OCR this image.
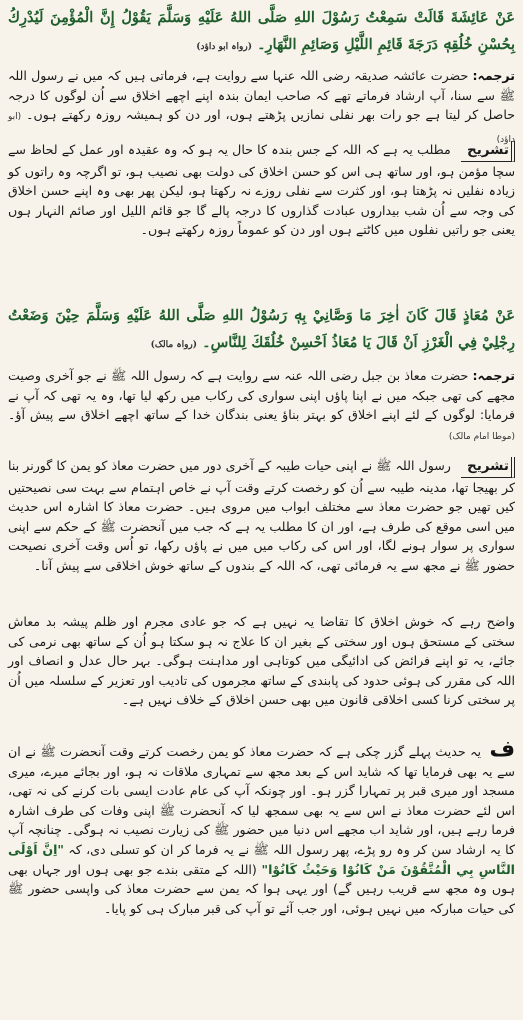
عَنْ عَائِشَةَ قَالَتْ سَمِعْتُ رَسُوْلَ اللهِ صَلَّى اللهُ عَلَيْهِ وَسَلَّمَ يَقُوْلُ إِنَّ الْمُؤْمِنَ لَيُدْرِكُ بِحُسْنِ خُلُقِهٖ دَرَجَةَ قَائِمِ اللَّيْلِ وَصَائِمِ النَّهَارِ۔ (رواہ ابو داؤد)
ترجمہ: حضرت عائشہ صدیقہ رضی اللہ عنہا سے روایت ہے، فرماتی ہیں کہ میں نے رسول اللہ ﷺ سے سنا، آپ ارشاد فرماتے تھے کہ صاحب ایمان بندہ اپنے اچھے اخلاق سے اُن لوگوں کا درجہ حاصل کر لیتا ہے جو رات بھر نفلی نمازیں پڑھتے ہوں، اور دن کو ہمیشہ روزہ رکھتے ہوں۔ (ابو داؤد)
تشریح مطلب یہ ہے کہ اللہ کے جس بندہ کا حال یہ ہو کہ وہ عقیدہ اور عمل کے لحاظ سے سچا مؤمن ہو، اور ساتھ ہی اس کو حسن اخلاق کی دولت بھی نصیب ہو، تو اگرچہ وہ راتوں کو زیادہ نفلیں نہ پڑھتا ہو، اور کثرت سے نفلی روزے نہ رکھتا ہو، لیکن پھر بھی وہ اپنے حسن اخلاق کی وجہ سے اُن شب بیداروں عبادت گذاروں کا درجہ پالے گا جو قائم اللیل اور صائم النہار ہوں یعنی جو راتیں نفلوں میں کاٹتے ہوں اور دن کو عموماً روزہ رکھتے ہوں۔
عَنْ مُعَاذٍ قَالَ كَانَ اٰخِرَ مَا وَصَّانِيْ بِهٖ رَسُوْلُ اللهِ صَلَّى اللهُ عَلَيْهِ وَسَلَّمَ حِيْنَ وَضَعْتُ رِجْلِيْ فِي الْغَرْزِ اَنْ قَالَ يَا مُعَاذُ اَحْسِنْ خُلُقَكَ لِلنَّاسِ۔ (رواہ مالک)
ترجمہ: حضرت معاذ بن جبل رضی اللہ عنہ سے روایت ہے کہ رسول اللہ ﷺ نے جو آخری وصیت مجھے کی تھی جبکہ میں نے اپنا پاؤں اپنی سواری کی رکاب میں رکھ لیا تھا، وہ یہ تھی کہ آپ نے فرمایا: لوگوں کے لئے اپنے اخلاق کو بہتر بناؤ یعنی بندگان خدا کے ساتھ اچھے اخلاق سے پیش آؤ۔ (موطا امام مالک)
تشریح رسول اللہ ﷺ نے اپنی حیات طیبہ کے آخری دور میں حضرت معاذ کو یمن کا گورنر بنا کر بھیجا تھا، مدینہ طیبہ سے اُن کو رخصت کرتے وقت آپ نے خاص اہتمام سے بہت سی نصیحتیں کیں تھیں جو حضرت معاذ سے مختلف ابواب میں مروی ہیں۔ حضرت معاذ کا اشارہ اس حدیث میں اسی موقع کی طرف ہے، اور ان کا مطلب یہ ہے کہ جب میں آنحضرت ﷺ کے حکم سے اپنی سواری پر سوار ہونے لگا، اور اس کی رکاب میں میں نے پاؤں رکھا، تو اُس وقت آخری نصیحت حضور ﷺ نے مجھ سے یہ فرمائی تھی، کہ اللہ کے بندوں کے ساتھ خوش اخلاقی سے پیش آنا۔
واضح رہے کہ خوش اخلاق کا تقاضا یہ نہیں ہے کہ جو عادی مجرم اور ظلم پیشہ بد معاش سختی کے مستحق ہوں اور سختی کے بغیر ان کا علاج نہ ہو سکتا ہو اُن کے ساتھ بھی نرمی کی جائے، یہ تو اپنے فرائض کی ادائیگی میں کوتاہی اور مداہنت ہوگی۔ بہر حال عدل و انصاف اور اللہ کی مقرر کی ہوئی حدود کی پابندی کے ساتھ مجرموں کی تادیب اور تعزیر کے سلسلہ میں اُن پر سختی کرنا کسی اخلاقی قانون میں بھی حسن اخلاق کے خلاف نہیں ہے۔
ف یہ حدیث پہلے گزر چکی ہے کہ حضرت معاذ کو یمن رخصت کرتے وقت آنحضرت ﷺ نے ان سے یہ بھی فرمایا تھا کہ شاید اس کے بعد مجھ سے تمہاری ملاقات نہ ہو، اور بجائے میرے، میری مسجد اور میری قبر پر تمہارا گزر ہو۔ اور چونکہ آپ کی عام عادت ایسی بات کرنے کی نہ تھی، اس لئے حضرت معاذ نے اس سے یہ بھی سمجھ لیا کہ آنحضرت ﷺ اپنی وفات کی طرف اشارہ فرما رہے ہیں، اور شاید اب مجھے اس دنیا میں حضور ﷺ کی زیارت نصیب نہ ہوگی۔ چنانچہ آپ کا یہ ارشاد سن کر وہ رو پڑے، پھر رسول اللہ ﷺ نے یہ فرما کر ان کو تسلی دی، کہ "اِنَّ اَوْلَى النَّاسِ بِي الْمُتَّقُوْنَ مَنْ كَانُوْا وَحَيْثُ كَانُوْا" (اللہ کے متقی بندے جو بھی ہوں اور جہاں بھی ہوں وہ مجھ سے قریب رہیں گے) اور یہی ہوا کہ یمن سے حضرت معاذ کی واپسی حضور ﷺ کی حیات مبارکہ میں نہیں ہوئی، اور جب آئے تو آپ کی قبر مبارک ہی کو پایا۔
